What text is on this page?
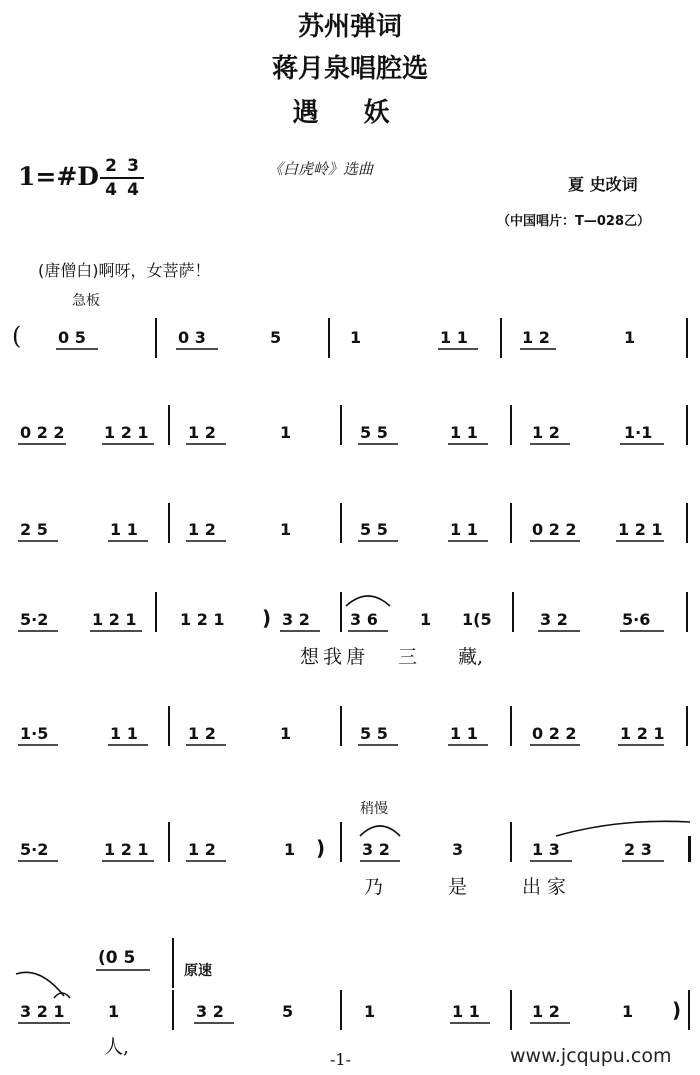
苏州弹词
蒋月泉唱腔选
遇 妖
1=#D 2
4
3
4
《白虎岭》选曲
夏 史改词
（中国唱片：T—028乙）
(唐僧白)啊呀，女菩萨！
急板
( 0 5	0 3	5	1	1 1	1 2	1
0 2 2 1 2 1 1 2	1	5 5	1 1	1 2	1·1
2 5	1 1	1 2	1	5 5	1 1	0 2 2	1 2 1
5·2	1 2 1	1 2 1 ) 3 2	3 6	1 1(5	3 2	5·6
想我唐 三 藏,
1·5	1 1	1 2	1	5 5	1 1	0 2 2	1 2 1
稍慢
5·2	1 2 1 1 2	1 ) 3 2	3	1 3	2 3
乃	是	出家
(0 5
原速
3 2 1	1	3 2	5	1	1 1	1 2	1 )
人,
-1-	www.jcqupu.com
